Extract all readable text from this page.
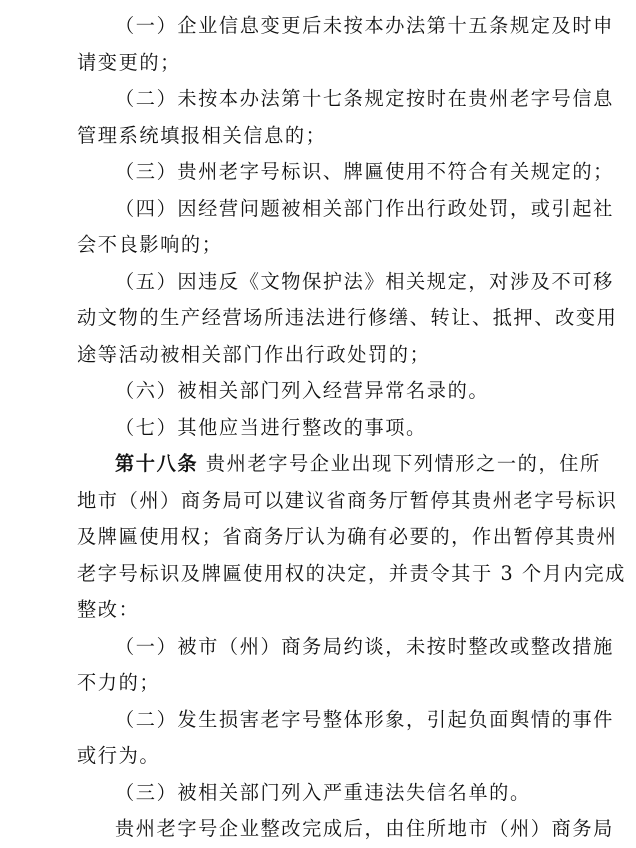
（一）企业信息变更后未按本办法第十五条规定及时申
请变更的；
（二）未按本办法第十七条规定按时在贵州老字号信息
管理系统填报相关信息的；
（三）贵州老字号标识、牌匾使用不符合有关规定的；
（四）因经营问题被相关部门作出行政处罚，或引起社
会不良影响的；
（五）因违反《文物保护法》相关规定，对涉及不可移
动文物的生产经营场所违法进行修缮、转让、抵押、改变用
途等活动被相关部门作出行政处罚的；
（六）被相关部门列入经营异常名录的。
（七）其他应当进行整改的事项。
第十八条 贵州老字号企业出现下列情形之一的，住所
地市（州）商务局可以建议省商务厅暂停其贵州老字号标识
及牌匾使用权；省商务厅认为确有必要的，作出暂停其贵州
老字号标识及牌匾使用权的决定，并责令其于 3 个月内完成
整改：
（一）被市（州）商务局约谈，未按时整改或整改措施
不力的；
（二）发生损害老字号整体形象，引起负面舆情的事件
或行为。
（三）被相关部门列入严重违法失信名单的。
贵州老字号企业整改完成后，由住所地市（州）商务局
